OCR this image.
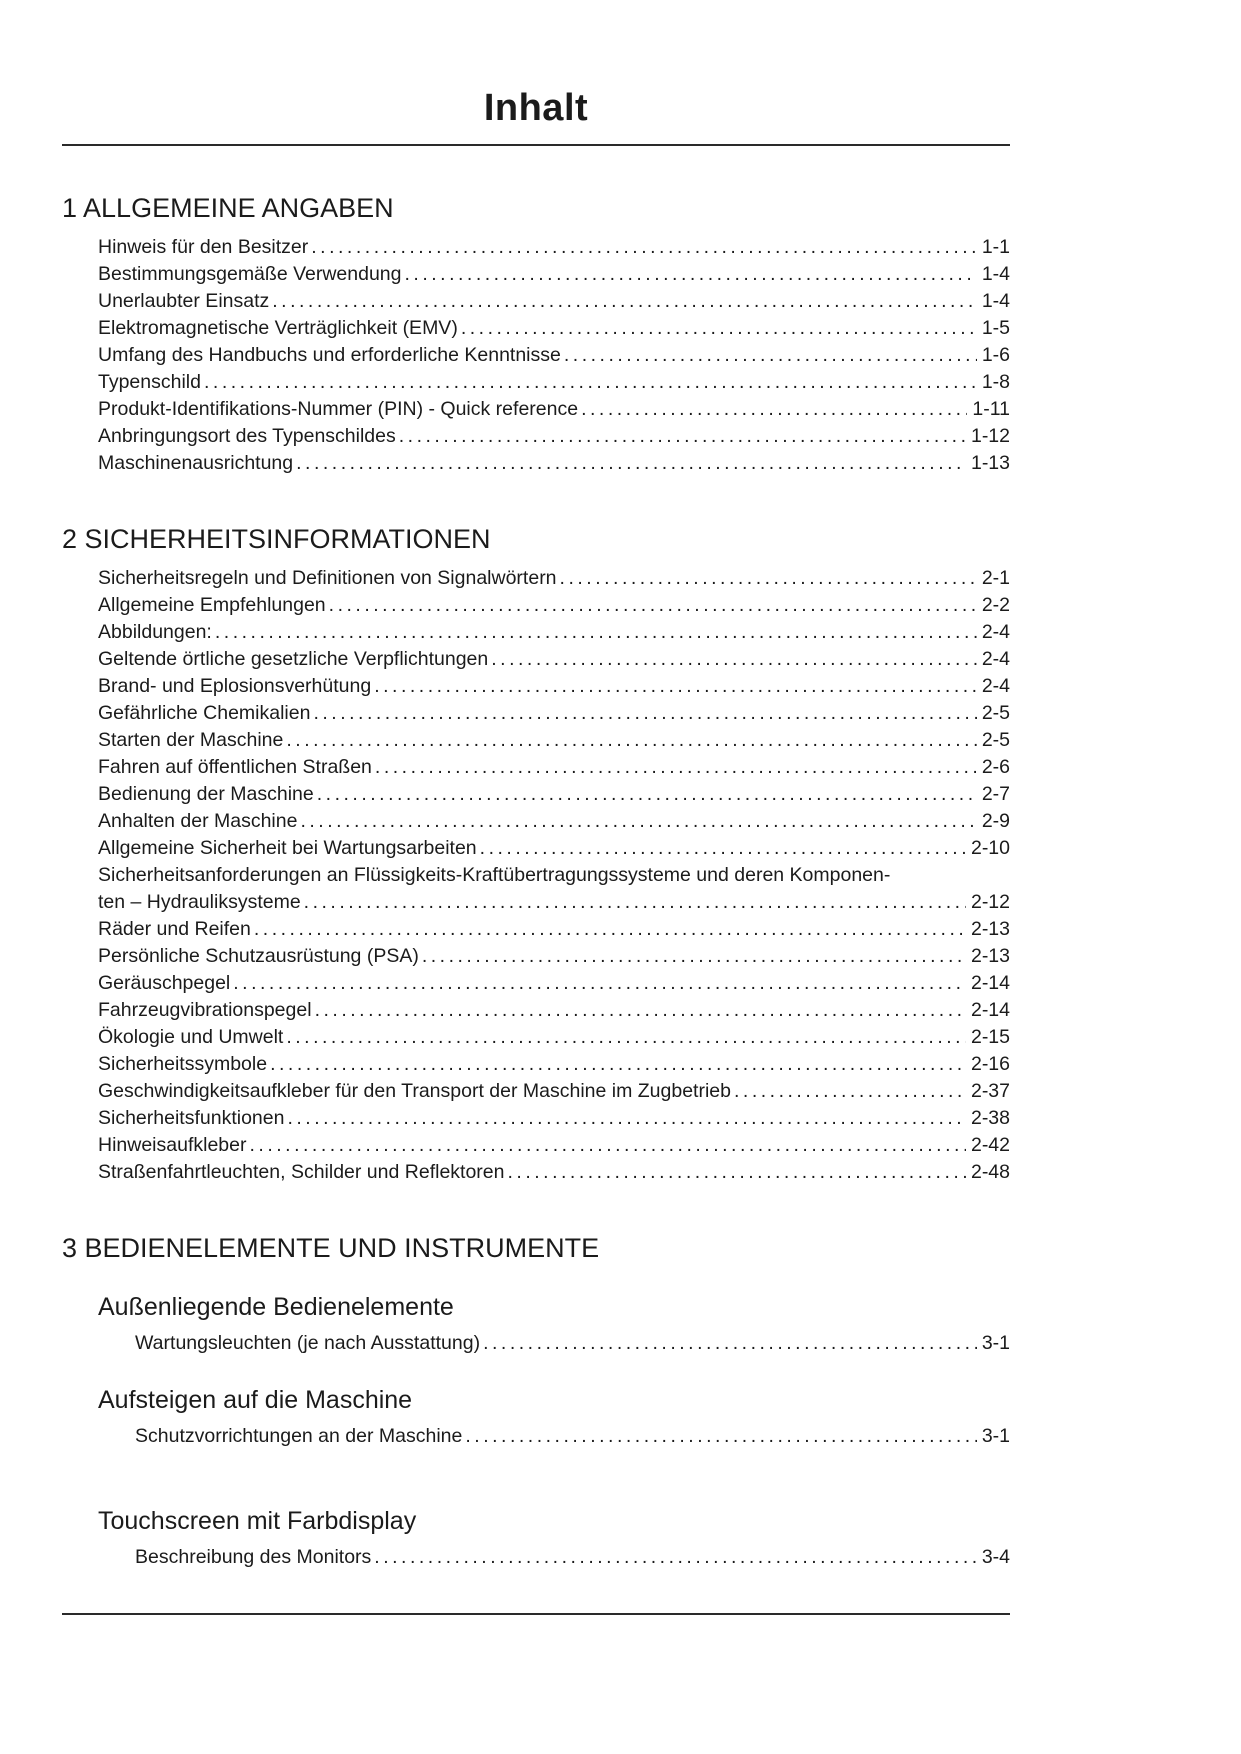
Inhalt
1 ALLGEMEINE ANGABEN
Hinweis für den Besitzer .....	1-1
Bestimmungsgemäße Verwendung .....	1-4
Unerlaubter Einsatz .....	1-4
Elektromagnetische Verträglichkeit (EMV) .....	1-5
Umfang des Handbuchs und erforderliche Kenntnisse .....	1-6
Typenschild .....	1-8
Produkt-Identifikations-Nummer (PIN) - Quick reference .....	1-11
Anbringungsort des Typenschildes .....	1-12
Maschinenausrichtung .....	1-13
2 SICHERHEITSINFORMATIONEN
Sicherheitsregeln und Definitionen von Signalwörtern .....	2-1
Allgemeine Empfehlungen .....	2-2
Abbildungen: .....	2-4
Geltende örtliche gesetzliche Verpflichtungen .....	2-4
Brand- und Eplosionsverhütung .....	2-4
Gefährliche Chemikalien .....	2-5
Starten der Maschine .....	2-5
Fahren auf öffentlichen Straßen .....	2-6
Bedienung der Maschine .....	2-7
Anhalten der Maschine .....	2-9
Allgemeine Sicherheit bei Wartungsarbeiten .....	2-10
Sicherheitsanforderungen an Flüssigkeits-Kraftübertragungssysteme und deren Komponen-
ten – Hydrauliksysteme .....	2-12
Räder und Reifen .....	2-13
Persönliche Schutzausrüstung (PSA) .....	2-13
Geräuschpegel .....	2-14
Fahrzeugvibrationspegel .....	2-14
Ökologie und Umwelt .....	2-15
Sicherheitssymbole .....	2-16
Geschwindigkeitsaufkleber für den Transport der Maschine im Zugbetrieb .....	2-37
Sicherheitsfunktionen .....	2-38
Hinweisaufkleber .....	2-42
Straßenfahrtleuchten, Schilder und Reflektoren .....	2-48
3 BEDIENELEMENTE UND INSTRUMENTE
Außenliegende Bedienelemente
Wartungsleuchten (je nach Ausstattung) .....	3-1
Aufsteigen auf die Maschine
Schutzvorrichtungen an der Maschine .....	3-1
Touchscreen mit Farbdisplay
Beschreibung des Monitors .....	3-4
